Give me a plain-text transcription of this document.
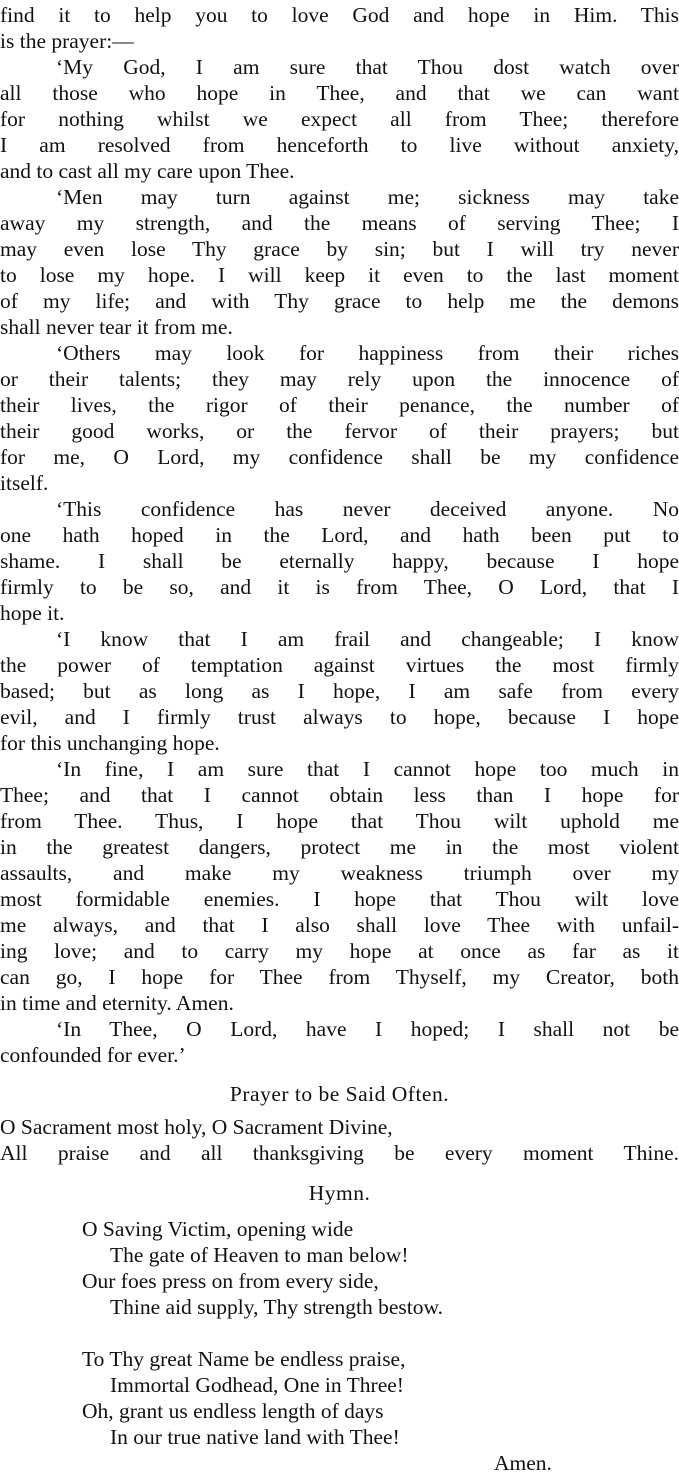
find it to help you to love God and hope in Him. This
is the prayer:—
‘My God, I am sure that Thou dost watch over
all those who hope in Thee, and that we can want
for nothing whilst we expect all from Thee; therefore
I am resolved from henceforth to live without anxiety,
and to cast all my care upon Thee.
‘Men may turn against me; sickness may take
away my strength, and the means of serving Thee; I
may even lose Thy grace by sin; but I will try never
to lose my hope. I will keep it even to the last moment
of my life; and with Thy grace to help me the demons
shall never tear it from me.
‘Others may look for happiness from their riches
or their talents; they may rely upon the innocence of
their lives, the rigor of their penance, the number of
their good works, or the fervor of their prayers; but
for me, O Lord, my confidence shall be my confidence
itself.
‘This confidence has never deceived anyone. No
one hath hoped in the Lord, and hath been put to
shame. I shall be eternally happy, because I hope
firmly to be so, and it is from Thee, O Lord, that I
hope it.
‘I know that I am frail and changeable; I know
the power of temptation against virtues the most firmly
based; but as long as I hope, I am safe from every
evil, and I firmly trust always to hope, because I hope
for this unchanging hope.
‘In fine, I am sure that I cannot hope too much in
Thee; and that I cannot obtain less than I hope for
from Thee. Thus, I hope that Thou wilt uphold me
in the greatest dangers, protect me in the most violent
assaults, and make my weakness triumph over my
most formidable enemies. I hope that Thou wilt love
me always, and that I also shall love Thee with unfail-
ing love; and to carry my hope at once as far as it
can go, I hope for Thee from Thyself, my Creator, both
in time and eternity. Amen.
‘In Thee, O Lord, have I hoped; I shall not be
confounded for ever.’
Prayer to be Said Often.
O Sacrament most holy, O Sacrament Divine,
All praise and all thanksgiving be every moment Thine.
Hymn.
O Saving Victim, opening wide
The gate of Heaven to man below!
Our foes press on from every side,
Thine aid supply, Thy strength bestow.
To Thy great Name be endless praise,
Immortal Godhead, One in Three!
Oh, grant us endless length of days
In our true native land with Thee!
Amen.
